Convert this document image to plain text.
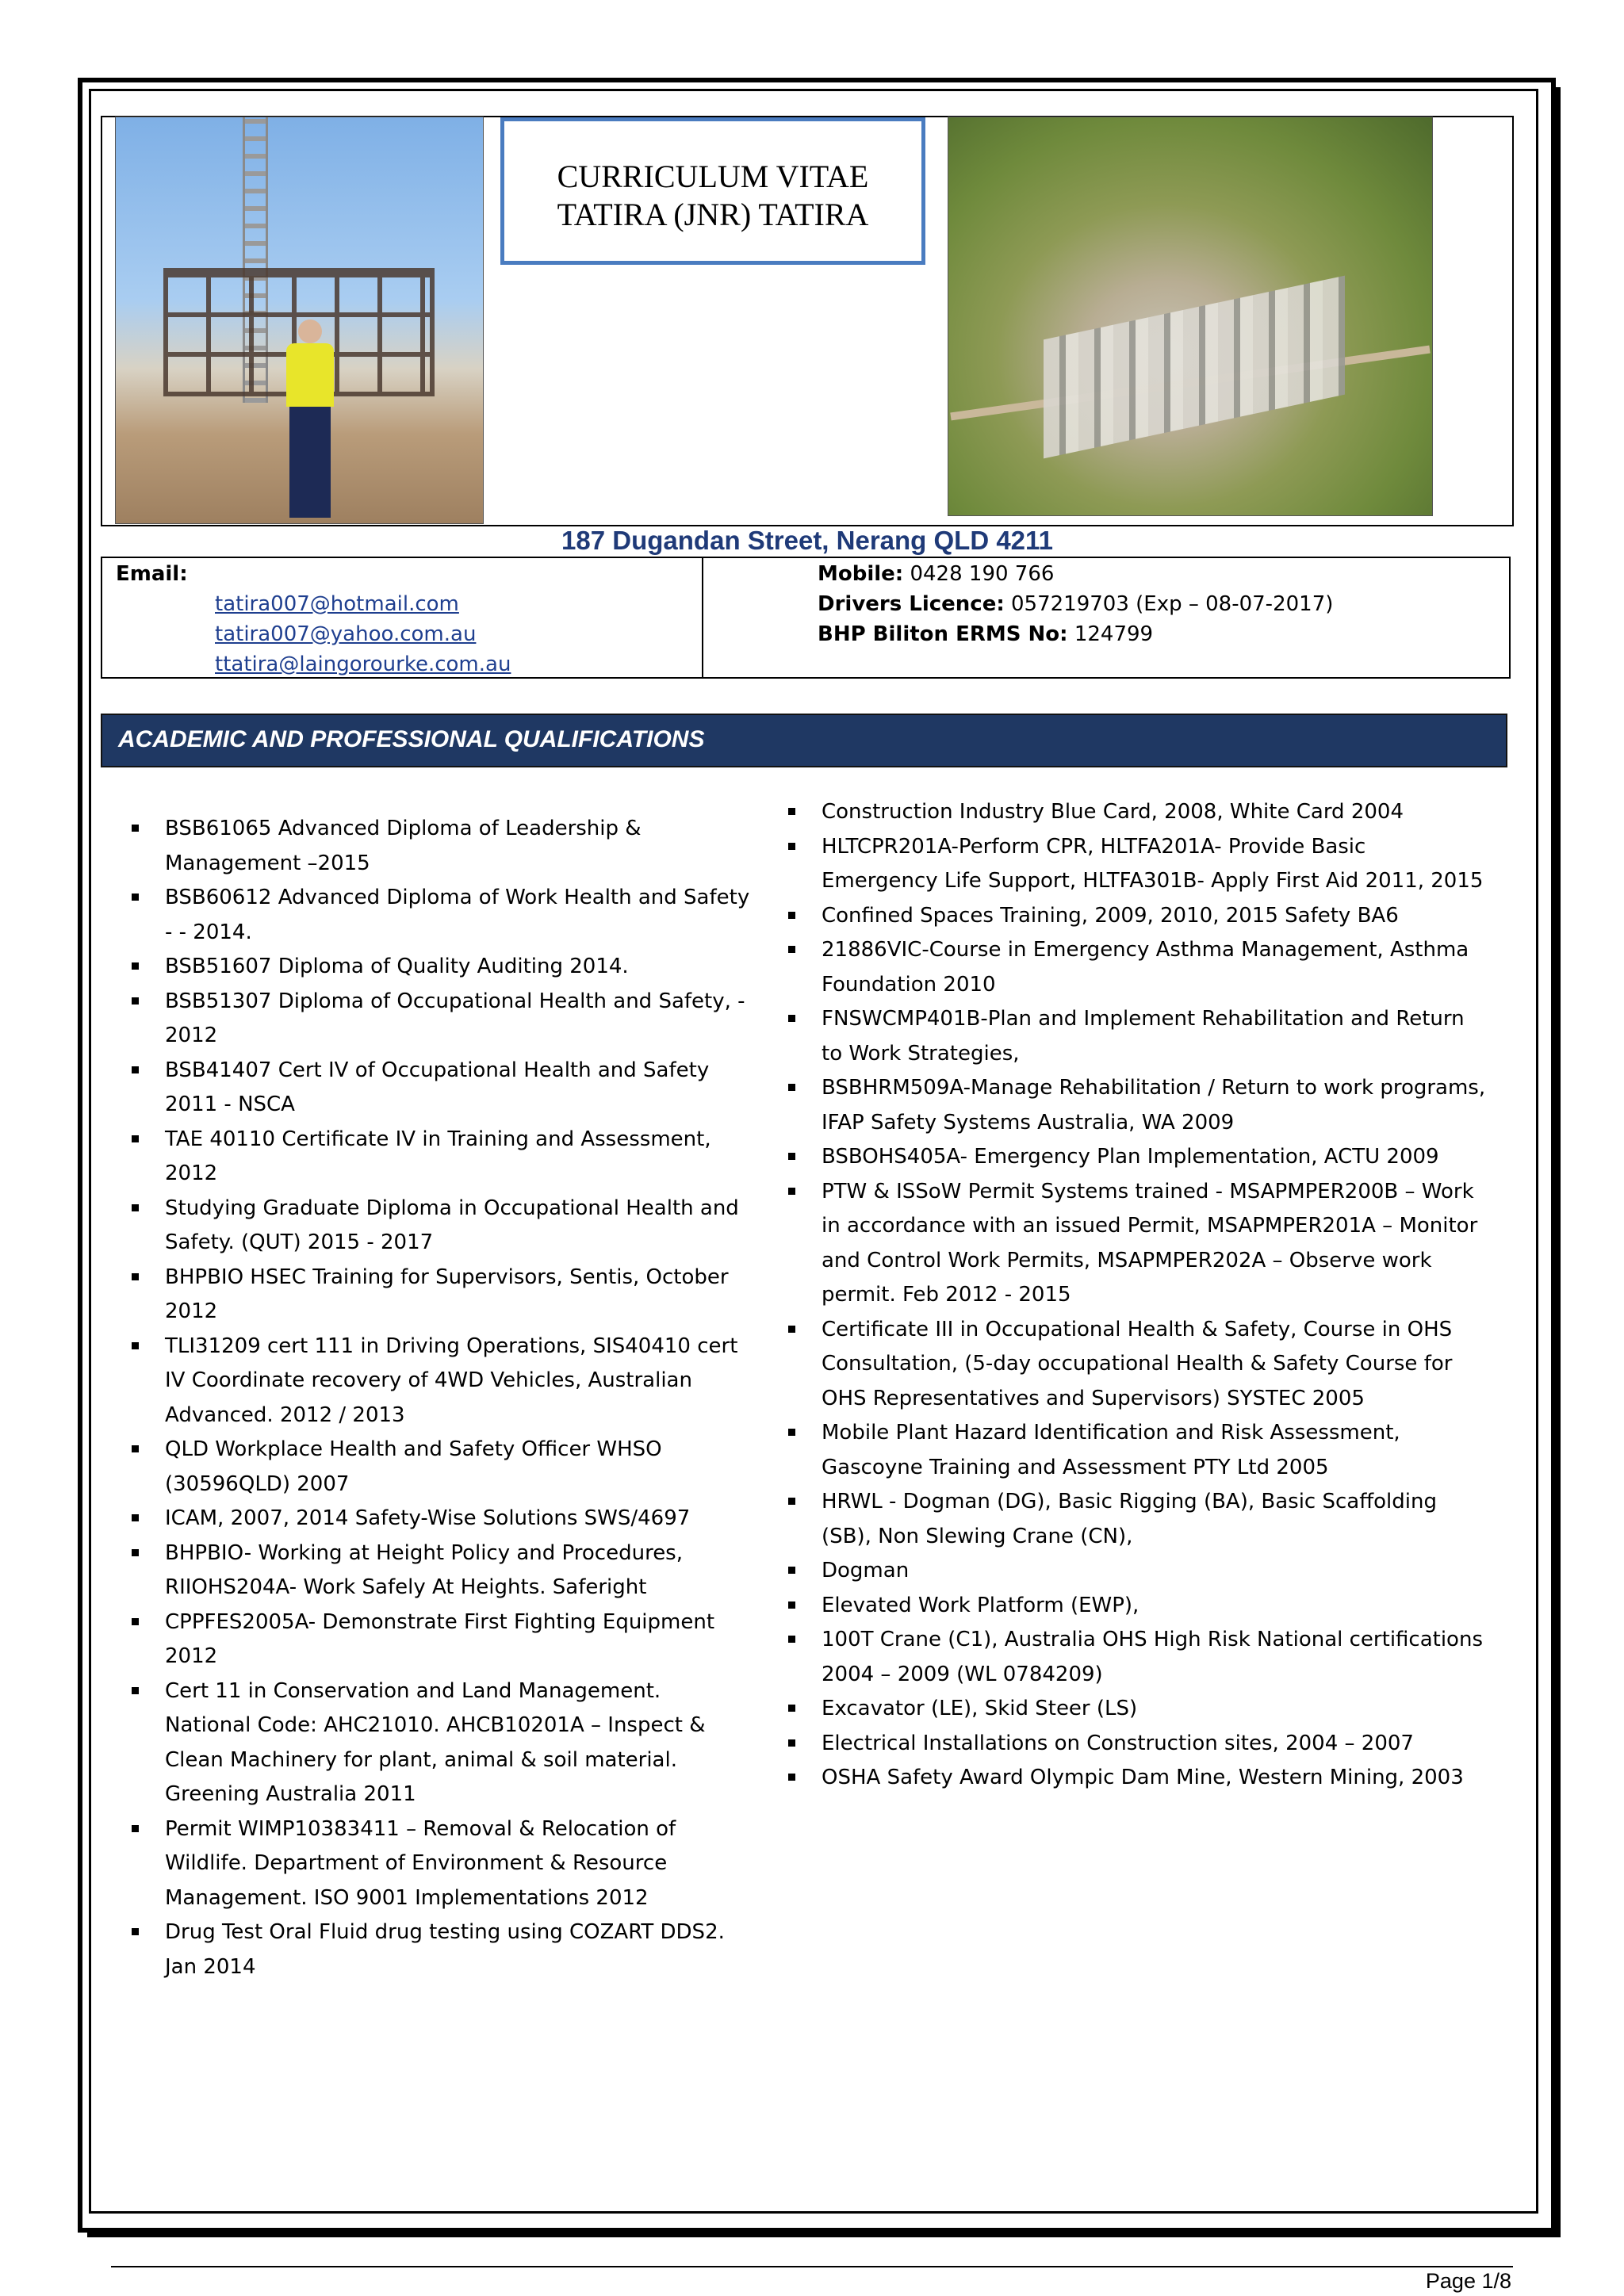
CURRICULUM VITAE
TATIRA (JNR) TATIRA
187 Dugandan Street, Nerang QLD 4211
Email:
tatira007@hotmail.com
tatira007@yahoo.com.au
ttatira@laingorourke.com.au
Mobile: 0428 190 766
Drivers Licence: 057219703 (Exp – 08-07-2017)
BHP Biliton ERMS No: 124799
ACADEMIC AND PROFESSIONAL QUALIFICATIONS
BSB61065 Advanced Diploma of Leadership & Management –2015
BSB60612 Advanced Diploma of Work Health and Safety - - 2014.
BSB51607 Diploma of Quality Auditing 2014.
BSB51307 Diploma of Occupational Health and Safety, - 2012
BSB41407 Cert IV of Occupational Health and Safety 2011 - NSCA
TAE 40110 Certificate IV in Training and Assessment, 2012
Studying Graduate Diploma in Occupational Health and Safety. (QUT) 2015 - 2017
BHPBIO HSEC Training for Supervisors, Sentis, October 2012
TLI31209 cert 111 in Driving Operations, SIS40410 cert IV Coordinate recovery of 4WD Vehicles, Australian Advanced. 2012 / 2013
QLD Workplace Health and Safety Officer WHSO (30596QLD) 2007
ICAM, 2007, 2014 Safety-Wise Solutions SWS/4697
BHPBIO- Working at Height Policy and Procedures, RIIOHS204A- Work Safely At Heights. Saferight
CPPFES2005A- Demonstrate First Fighting Equipment 2012
Cert 11 in Conservation and Land Management. National Code: AHC21010. AHCB10201A – Inspect & Clean Machinery for plant, animal & soil material. Greening Australia 2011
Permit WIMP10383411 – Removal & Relocation of Wildlife. Department of Environment & Resource Management. ISO 9001 Implementations 2012
Drug Test Oral Fluid drug testing using COZART DDS2. Jan 2014
Construction Industry Blue Card, 2008, White Card 2004
HLTCPR201A-Perform CPR, HLTFA201A- Provide Basic Emergency Life Support, HLTFA301B- Apply First Aid 2011, 2015
Confined Spaces Training, 2009, 2010, 2015 Safety BA6
21886VIC-Course in Emergency Asthma Management, Asthma Foundation 2010
FNSWCMP401B-Plan and Implement Rehabilitation and Return to Work Strategies,
BSBHRM509A-Manage Rehabilitation / Return to work programs, IFAP Safety Systems Australia, WA 2009
BSBOHS405A- Emergency Plan Implementation, ACTU 2009
PTW & ISSoW Permit Systems trained - MSAPMPER200B – Work in accordance with an issued Permit, MSAPMPER201A – Monitor and Control Work Permits, MSAPMPER202A – Observe work permit. Feb 2012 - 2015
Certificate III in Occupational Health & Safety, Course in OHS Consultation, (5-day occupational Health & Safety Course for OHS Representatives and Supervisors) SYSTEC 2005
Mobile Plant Hazard Identification and Risk Assessment, Gascoyne Training and Assessment PTY Ltd 2005
HRWL - Dogman (DG), Basic Rigging (BA), Basic Scaffolding (SB), Non Slewing Crane (CN),
Dogman
Elevated Work Platform (EWP),
100T Crane (C1), Australia OHS High Risk National certifications 2004 – 2009 (WL 0784209)
Excavator (LE), Skid Steer (LS)
Electrical Installations on Construction sites, 2004 – 2007
OSHA Safety Award Olympic Dam Mine, Western Mining, 2003
Page 1/8
